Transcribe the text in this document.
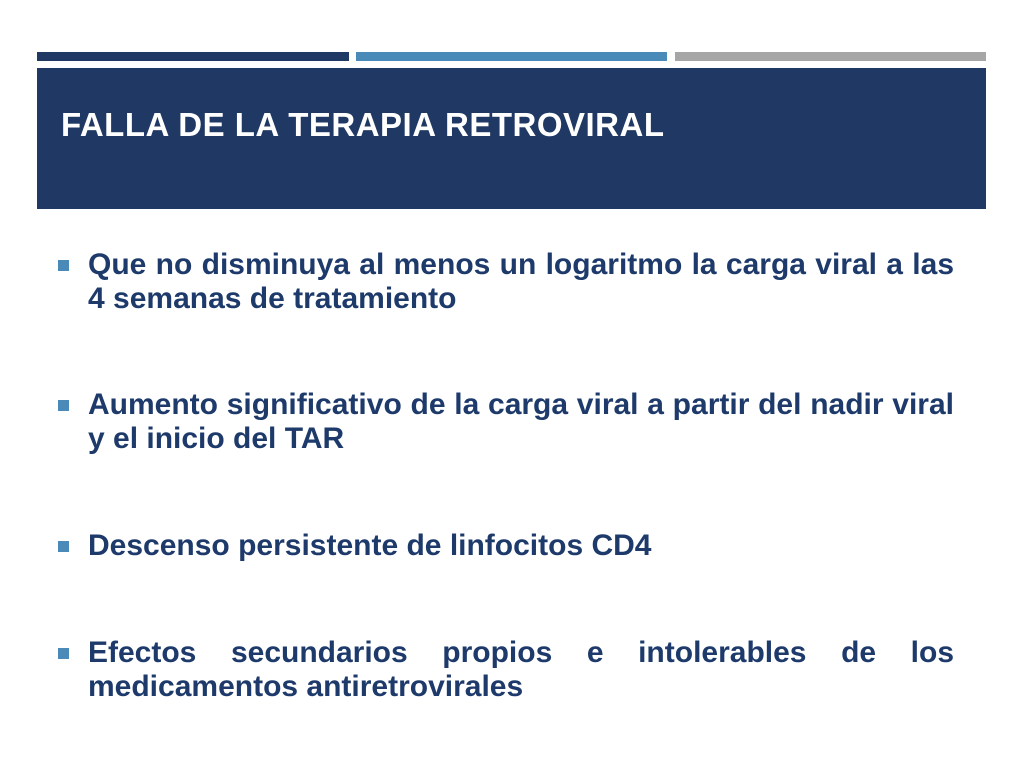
FALLA DE LA TERAPIA RETROVIRAL
Que no disminuya al menos un logaritmo la carga viral a las 4 semanas de tratamiento
Aumento significativo de la carga viral a partir del nadir viral y el inicio del TAR
Descenso persistente de linfocitos CD4
Efectos secundarios propios e intolerables de los medicamentos antiretrovirales
